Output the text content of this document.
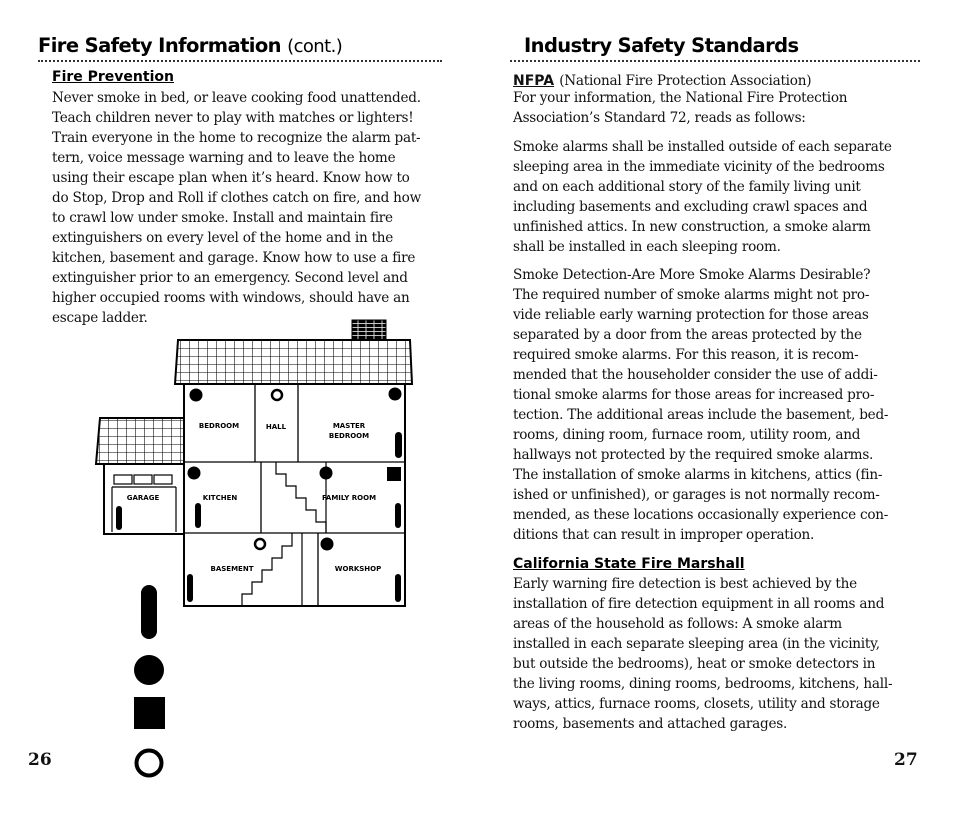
Fire Safety Information (cont.)
Fire Prevention
Never smoke in bed, or leave cooking food unattended.
Teach children never to play with matches or lighters!
Train everyone in the home to recognize the alarm pat-
tern, voice message warning and to leave the home
using their escape plan when it’s heard. Know how to
do Stop, Drop and Roll if clothes catch on fire, and how
to crawl low under smoke. Install and maintain fire
extinguishers on every level of the home and in the
kitchen, basement and garage. Know how to use a fire
extinguisher prior to an emergency. Second level and
higher occupied rooms with windows, should have an
escape ladder.
BEDROOM	HALL	MASTER
BEDROOM
GARAGE	KITCHEN	FAMILY ROOM
BASEMENT	WORKSHOP

26

Industry Safety Standards
NFPA (National Fire Protection Association)
For your information, the National Fire Protection
Association’s Standard 72, reads as follows:
Smoke alarms shall be installed outside of each separate
sleeping area in the immediate vicinity of the bedrooms
and on each additional story of the family living unit
including basements and excluding crawl spaces and
unfinished attics. In new construction, a smoke alarm
shall be installed in each sleeping room.
Smoke Detection-Are More Smoke Alarms Desirable?
The required number of smoke alarms might not pro-
vide reliable early warning protection for those areas
separated by a door from the areas protected by the
required smoke alarms. For this reason, it is recom-
mended that the householder consider the use of addi-
tional smoke alarms for those areas for increased pro-
tection. The additional areas include the basement, bed-
rooms, dining room, furnace room, utility room, and
hallways not protected by the required smoke alarms.
The installation of smoke alarms in kitchens, attics (fin-
ished or unfinished), or garages is not normally recom-
mended, as these locations occasionally experience con-
ditions that can result in improper operation.
California State Fire Marshall
Early warning fire detection is best achieved by the
installation of fire detection equipment in all rooms and
areas of the household as follows: A smoke alarm
installed in each separate sleeping area (in the vicinity,
but outside the bedrooms), heat or smoke detectors in
the living rooms, dining rooms, bedrooms, kitchens, hall-
ways, attics, furnace rooms, closets, utility and storage
rooms, basements and attached garages.

27
